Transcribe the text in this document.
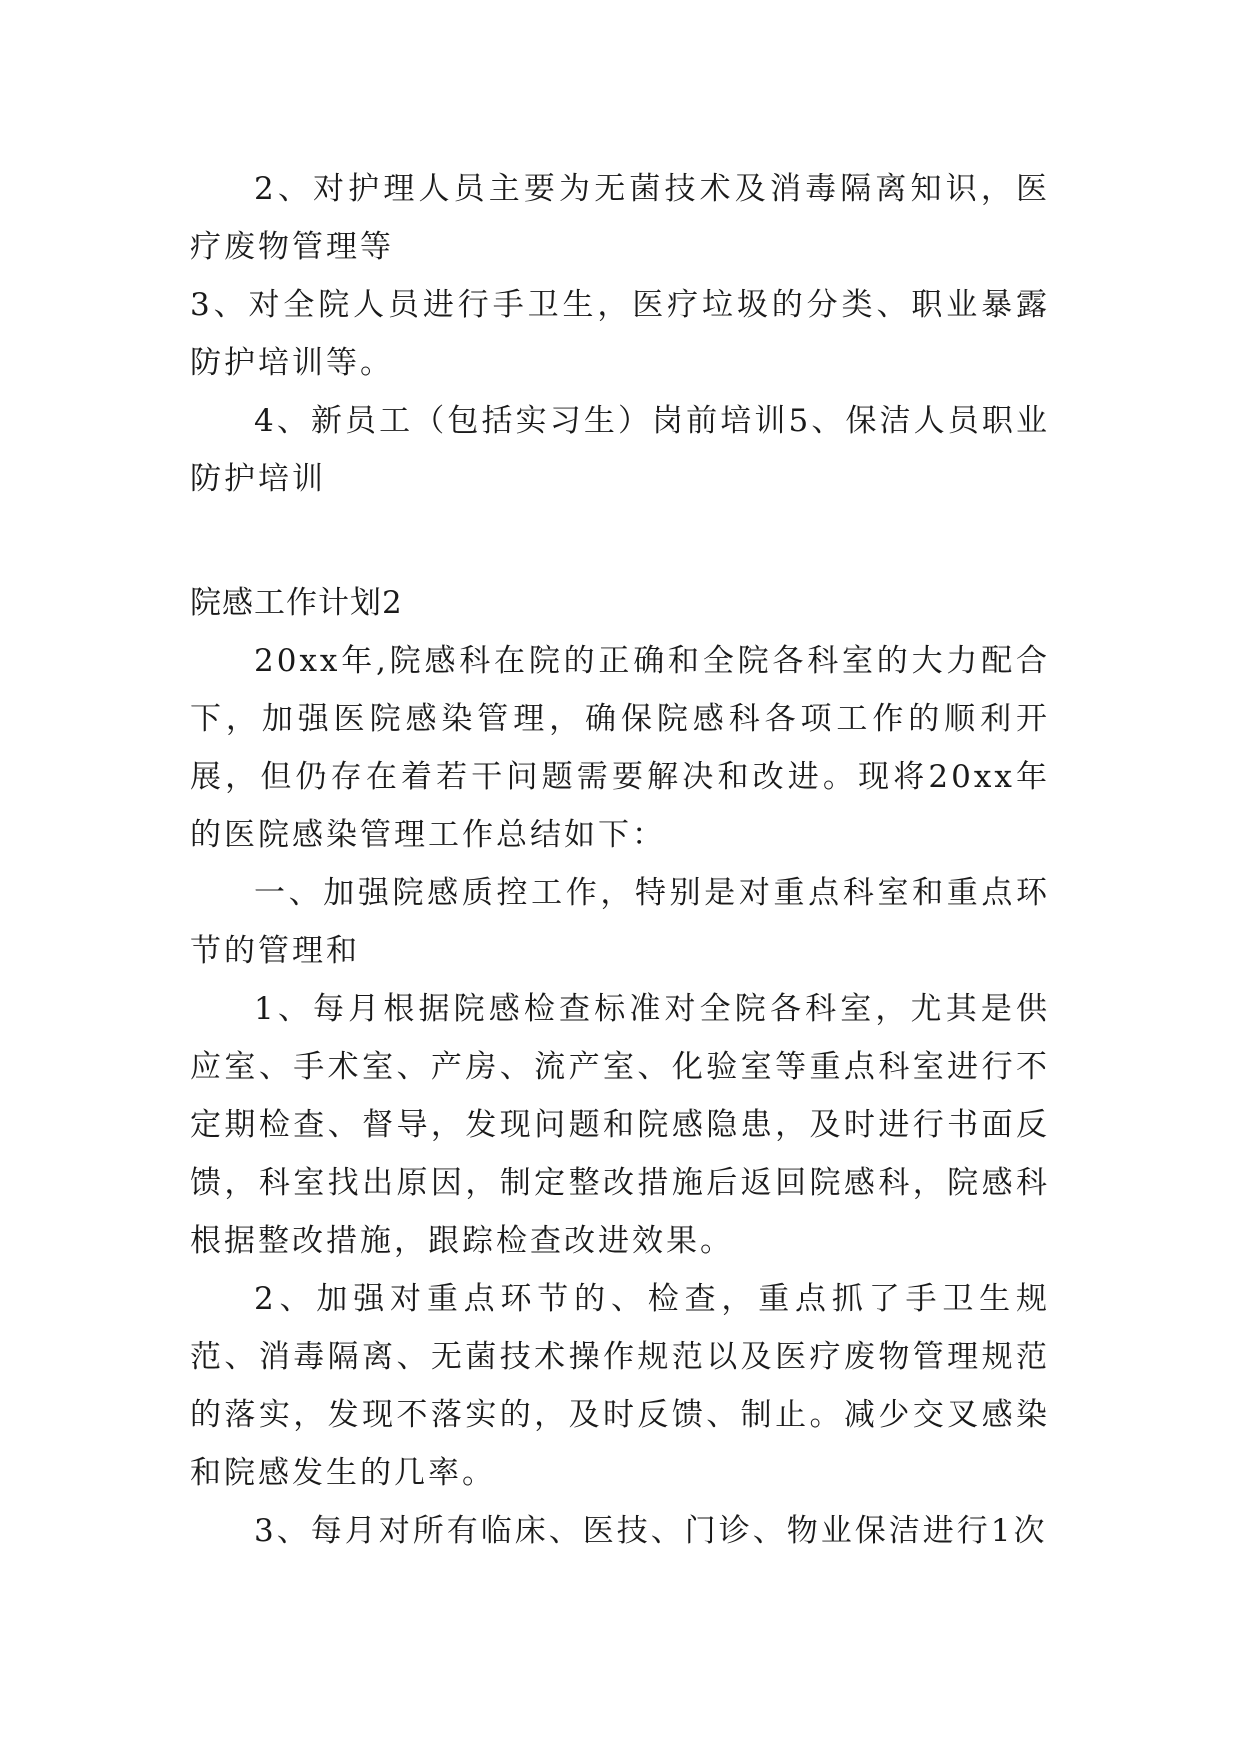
2、对护理人员主要为无菌技术及消毒隔离知识，医疗废物管理等

3、对全院人员进行手卫生，医疗垃圾的分类、职业暴露防护培训等。

4、新员工（包括实习生）岗前培训5、保洁人员职业防护培训

院感工作计划2

20xx年,院感科在院的正确和全院各科室的大力配合下，加强医院感染管理，确保院感科各项工作的顺利开展，但仍存在着若干问题需要解决和改进。现将20xx年的医院感染管理工作总结如下：

一、加强院感质控工作，特别是对重点科室和重点环节的管理和

1、每月根据院感检查标准对全院各科室，尤其是供应室、手术室、产房、流产室、化验室等重点科室进行不定期检查、督导，发现问题和院感隐患，及时进行书面反馈，科室找出原因，制定整改措施后返回院感科，院感科根据整改措施，跟踪检查改进效果。

2、加强对重点环节的、检查，重点抓了手卫生规范、消毒隔离、无菌技术操作规范以及医疗废物管理规范的落实，发现不落实的，及时反馈、制止。减少交叉感染和院感发生的几率。

3、每月对所有临床、医技、门诊、物业保洁进行1次
